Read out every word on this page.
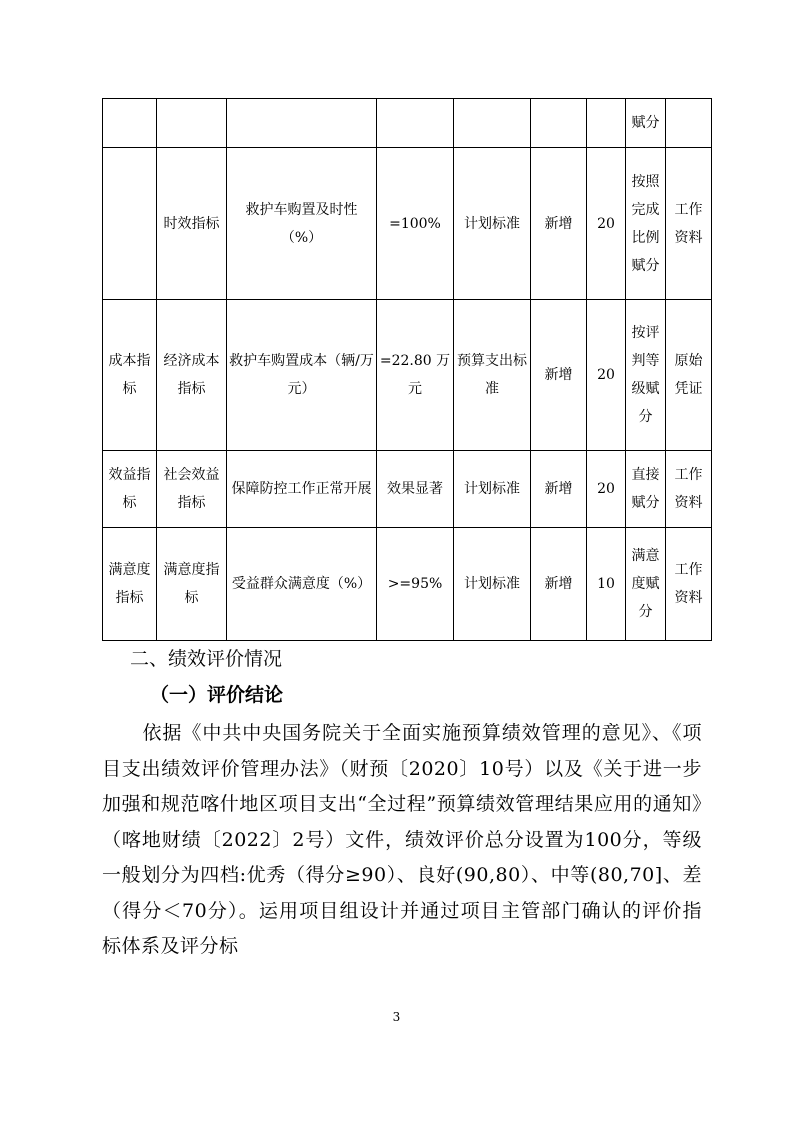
							赋分	
	时效指标	救护车购置及时性（%）	=100%	计划标准	新增	20	按照完成比例赋分	工作资料
成本指标	经济成本指标	救护车购置成本（辆/万元）	=22.80 万元	预算支出标准	新增	20	按评判等级赋分	原始凭证
效益指标	社会效益指标	保障防控工作正常开展	效果显著	计划标准	新增	20	直接赋分	工作资料
满意度指标	满意度指标	受益群众满意度（%）	>=95%	计划标准	新增	10	满意度赋分	工作资料
二、绩效评价情况
（一）评价结论

依据《中共中央国务院关于全面实施预算绩效管理的意见》、《项目支出绩效评价管理办法》（财预〔2020〕10号）以及《关于进一步加强和规范喀什地区项目支出“全过程”预算绩效管理结果应用的通知》（喀地财绩〔2022〕2号）文件，绩效评价总分设置为100分，等级一般划分为四档:优秀（得分≥90）、良好(90,80）、中等(80,70]、差（得分＜70分）。运用项目组设计并通过项目主管部门确认的评价指标体系及评分标

3
